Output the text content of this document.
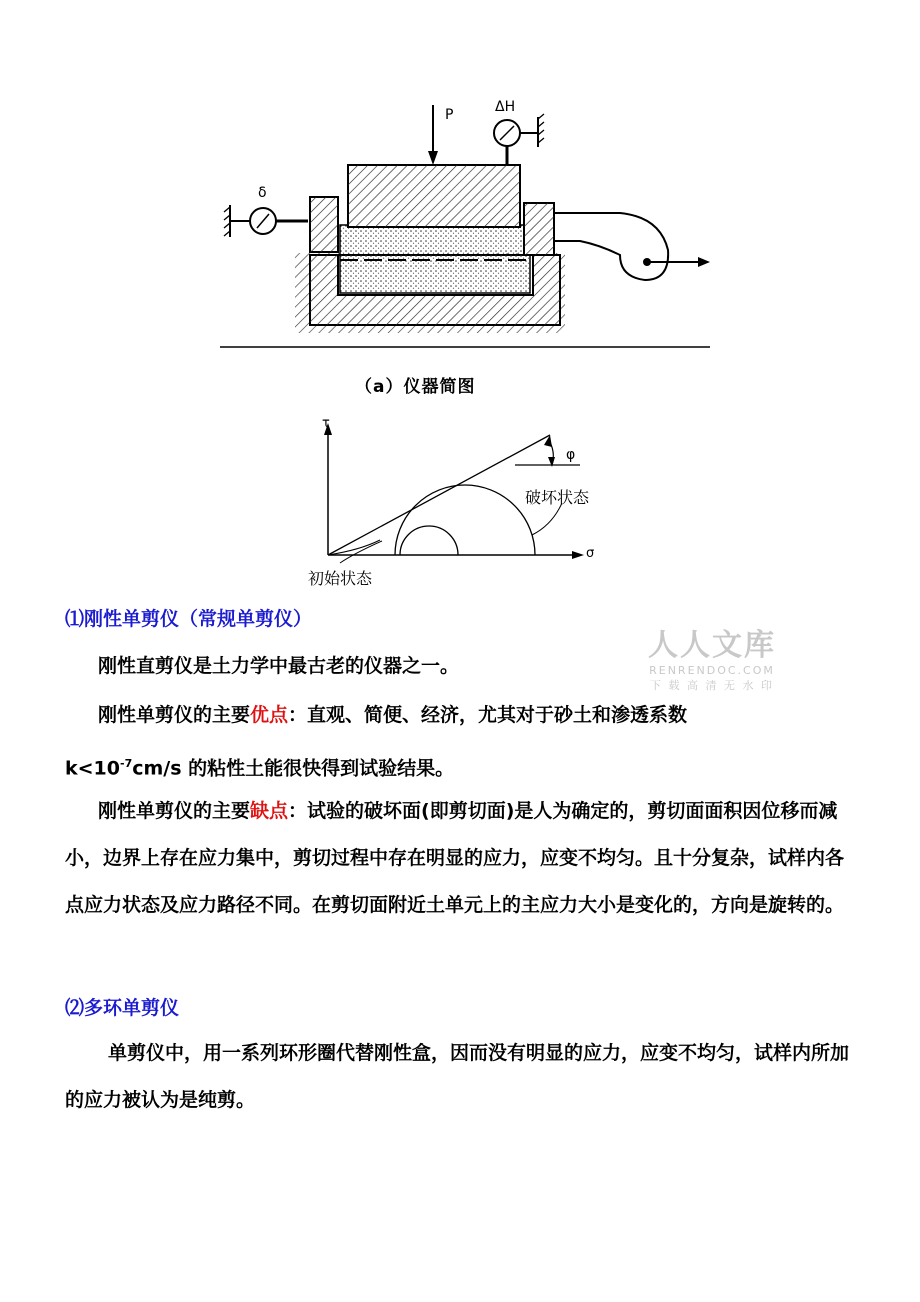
P	ΔH
δ
（a）仪器简图
τ
σ
φ
破坏状态
初始状态
人人文库
RENRENDOC.COM
下 载 高 清 无 水 印
⑴刚性单剪仪（常规单剪仪）

刚性直剪仪是土力学中最古老的仪器之一。

刚性单剪仪的主要优点：直观、简便、经济，尤其对于砂土和渗透系数

$k<10^{-7}cm/s$ 的粘性土能很快得到试验结果。

刚性单剪仪的主要缺点：试验的破坏面(即剪切面)是人为确定的，剪切面面积因位移而减小，边界上存在应力集中，剪切过程中存在明显的应力，应变不均匀。且十分复杂，试样内各点应力状态及应力路径不同。在剪切面附近土单元上的主应力大小是变化的，方向是旋转的。

⑵多环单剪仪

单剪仪中，用一系列环形圈代替刚性盒，因而没有明显的应力，应变不均匀，试样内所加的应力被认为是纯剪。
